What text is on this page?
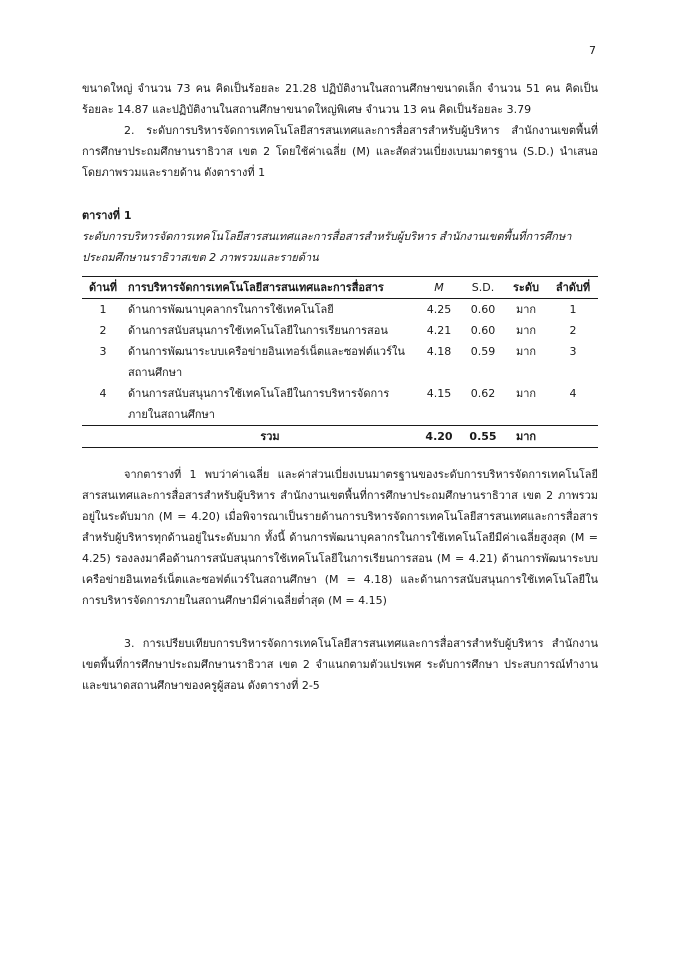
7

ขนาดใหญ่ จำนวน 73 คน คิดเป็นร้อยละ 21.28 ปฏิบัติงานในสถานศึกษาขนาดเล็ก จำนวน 51 คน คิดเป็นร้อยละ 14.87 และปฏิบัติงานในสถานศึกษาขนาดใหญ่พิเศษ จำนวน 13 คน คิดเป็นร้อยละ 3.79

2. ระดับการบริหารจัดการเทคโนโลยีสารสนเทศและการสื่อสารสำหรับผู้บริหาร สำนักงานเขตพื้นที่การศึกษาประถมศึกษานราธิวาส เขต 2 โดยใช้ค่าเฉลี่ย (M) และสัดส่วนเบี่ยงเบนมาตรฐาน (S.D.) นำเสนอโดยภาพรวมและรายด้าน ดังตารางที่ 1

ตารางที่ 1

ระดับการบริหารจัดการเทคโนโลยีสารสนเทศและการสื่อสารสำหรับผู้บริหาร สำนักงานเขตพื้นที่การศึกษาประถมศึกษานราธิวาสเขต 2 ภาพรวมและรายด้าน

ด้านที่	การบริหารจัดการเทคโนโลยีสารสนเทศและการสื่อสาร	M	S.D.	ระดับ	ลำดับที่
1	ด้านการพัฒนาบุคลากรในการใช้เทคโนโลยี	4.25	0.60	มาก	1
2	ด้านการสนับสนุนการใช้เทคโนโลยีในการเรียนการสอน	4.21	0.60	มาก	2
3	ด้านการพัฒนาระบบเครือข่ายอินเทอร์เน็ตและซอฟต์แวร์ในสถานศึกษา	4.18	0.59	มาก	3
4	ด้านการสนับสนุนการใช้เทคโนโลยีในการบริหารจัดการภายในสถานศึกษา	4.15	0.62	มาก	4
	รวม	4.20	0.55	มาก	

จากตารางที่ 1 พบว่าค่าเฉลี่ย และค่าส่วนเบี่ยงเบนมาตรฐานของระดับการบริหารจัดการเทคโนโลยีสารสนเทศและการสื่อสารสำหรับผู้บริหาร สำนักงานเขตพื้นที่การศึกษาประถมศึกษานราธิวาส เขต 2 ภาพรวมอยู่ในระดับมาก (M = 4.20) เมื่อพิจารณาเป็นรายด้านการบริหารจัดการเทคโนโลยีสารสนเทศและการสื่อสารสำหรับผู้บริหารทุกด้านอยู่ในระดับมาก ทั้งนี้ ด้านการพัฒนาบุคลากรในการใช้เทคโนโลยีมีค่าเฉลี่ยสูงสุด (M = 4.25) รองลงมาคือด้านการสนับสนุนการใช้เทคโนโลยีในการเรียนการสอน (M = 4.21) ด้านการพัฒนาระบบเครือข่ายอินเทอร์เน็ตและซอฟต์แวร์ในสถานศึกษา (M = 4.18) และด้านการสนับสนุนการใช้เทคโนโลยีในการบริหารจัดการภายในสถานศึกษามีค่าเฉลี่ยต่ำสุด (M = 4.15)

3. การเปรียบเทียบการบริหารจัดการเทคโนโลยีสารสนเทศและการสื่อสารสำหรับผู้บริหาร สำนักงานเขตพื้นที่การศึกษาประถมศึกษานราธิวาส เขต 2 จำแนกตามตัวแปรเพศ ระดับการศึกษา ประสบการณ์ทำงาน และขนาดสถานศึกษาของครูผู้สอน ดังตารางที่ 2-5
